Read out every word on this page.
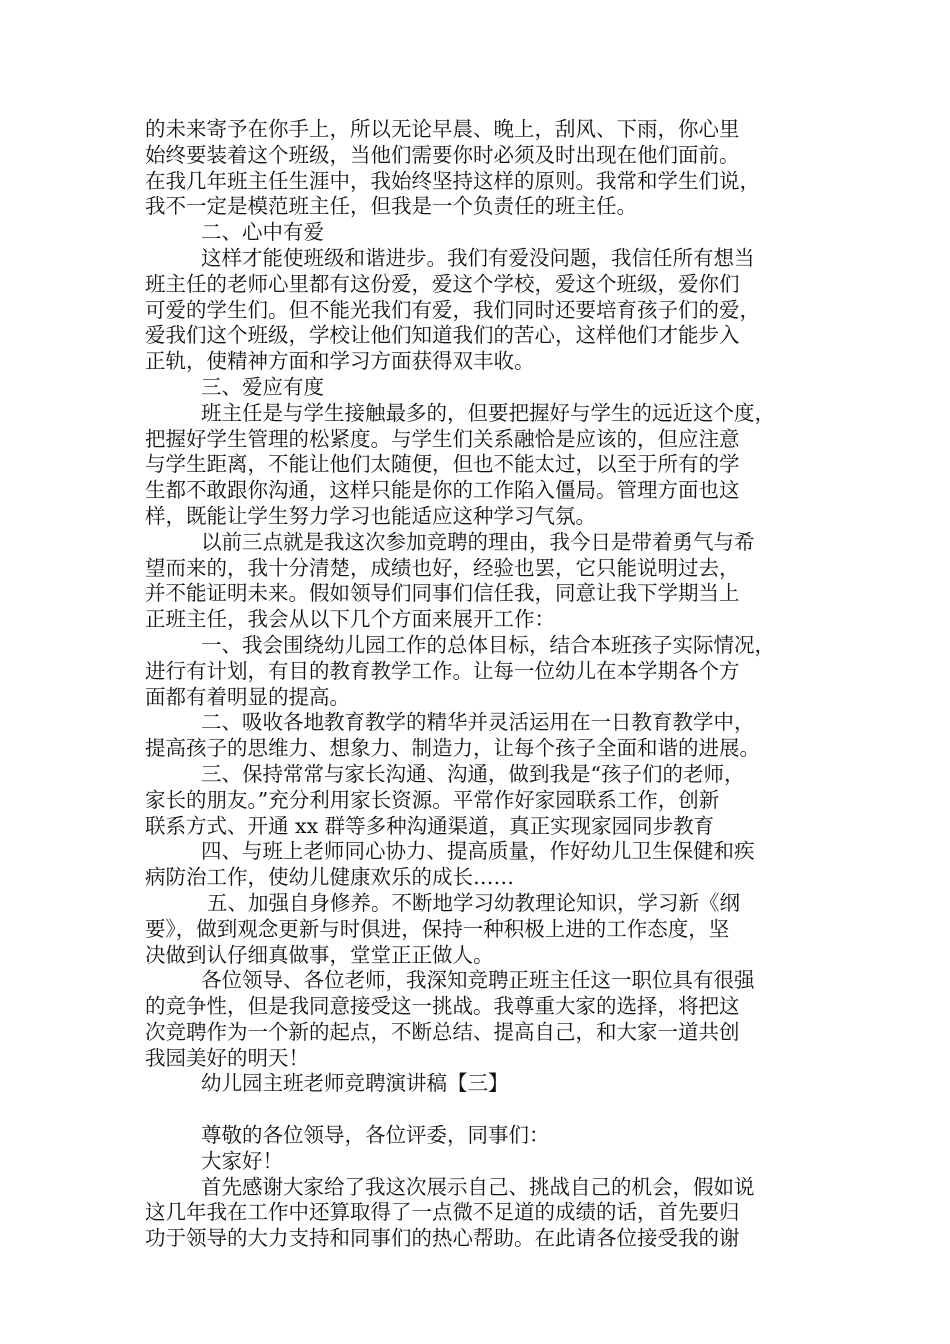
的未来寄予在你手上，所以无论早晨、晚上，刮风、下雨，你心里
始终要装着这个班级，当他们需要你时必须及时出现在他们面前。
在我几年班主任生涯中，我始终坚持这样的原则。我常和学生们说，
我不一定是模范班主任，但我是一个负责任的班主任。
二、心中有爱
这样才能使班级和谐进步。我们有爱没问题，我信任所有想当
班主任的老师心里都有这份爱，爱这个学校，爱这个班级，爱你们
可爱的学生们。但不能光我们有爱，我们同时还要培育孩子们的爱，
爱我们这个班级，学校让他们知道我们的苦心，这样他们才能步入
正轨，使精神方面和学习方面获得双丰收。
三、爱应有度
班主任是与学生接触最多的，但要把握好与学生的远近这个度，
把握好学生管理的松紧度。与学生们关系融恰是应该的，但应注意
与学生距离，不能让他们太随便，但也不能太过，以至于所有的学
生都不敢跟你沟通，这样只能是你的工作陷入僵局。管理方面也这
样，既能让学生努力学习也能适应这种学习气氛。
以前三点就是我这次参加竞聘的理由，我今日是带着勇气与希
望而来的，我十分清楚，成绩也好，经验也罢，它只能说明过去，
并不能证明未来。假如领导们同事们信任我，同意让我下学期当上
正班主任，我会从以下几个方面来展开工作：
一、我会围绕幼儿园工作的总体目标，结合本班孩子实际情况，
进行有计划，有目的教育教学工作。让每一位幼儿在本学期各个方
面都有着明显的提高。
二、吸收各地教育教学的精华并灵活运用在一日教育教学中，
提高孩子的思维力、想象力、制造力，让每个孩子全面和谐的进展。
三、保持常常与家长沟通、沟通，做到我是“孩子们的老师，
家长的朋友。”充分利用家长资源。平常作好家园联系工作，创新
联系方式、开通 xx 群等多种沟通渠道，真正实现家园同步教育
四、与班上老师同心协力、提高质量，作好幼儿卫生保健和疾
病防治工作，使幼儿健康欢乐的成长……
五、加强自身修养。不断地学习幼教理论知识，学习新《纲
要》，做到观念更新与时俱进，保持一种积极上进的工作态度，坚
决做到认仔细真做事，堂堂正正做人。
各位领导、各位老师，我深知竞聘正班主任这一职位具有很强
的竞争性，但是我同意接受这一挑战。我尊重大家的选择，将把这
次竞聘作为一个新的起点，不断总结、提高自己，和大家一道共创
我园美好的明天！
幼儿园主班老师竞聘演讲稿【三】
尊敬的各位领导，各位评委，同事们：
大家好！
首先感谢大家给了我这次展示自己、挑战自己的机会，假如说
这几年我在工作中还算取得了一点微不足道的成绩的话，首先要归
功于领导的大力支持和同事们的热心帮助。在此请各位接受我的谢
